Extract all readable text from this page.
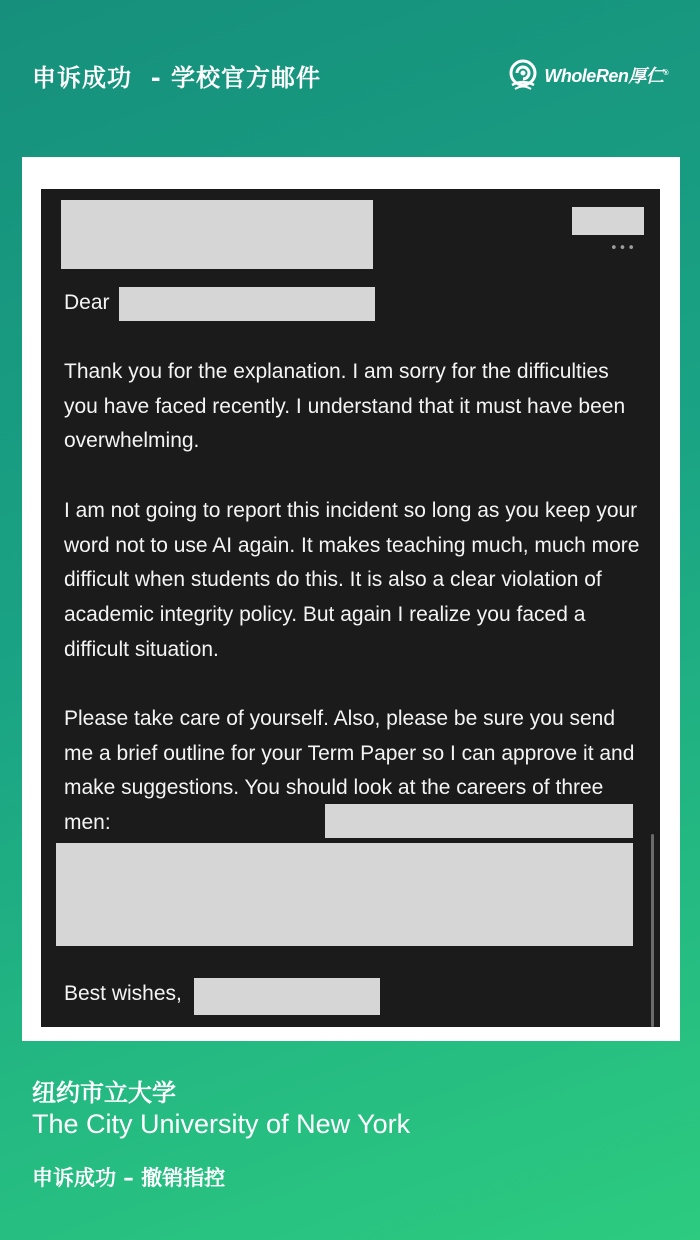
申诉成功  - 学校官方邮件	WholeRen厚仁®
•••

Dear

Thank you for the explanation. I am sorry for the difficulties you have faced recently. I understand that it must have been overwhelming.

I am not going to report this incident so long as you keep your word not to use AI again. It makes teaching much, much more difficult when students do this. It is also a clear violation of academic integrity policy. But again I realize you faced a difficult situation.

Please take care of yourself. Also, please be sure you send me a brief outline for your Term Paper so I can approve it and make suggestions. You should look at the careers of three men:

Best wishes,

纽约市立大学
The City University of New York
申诉成功 – 撤销指控
